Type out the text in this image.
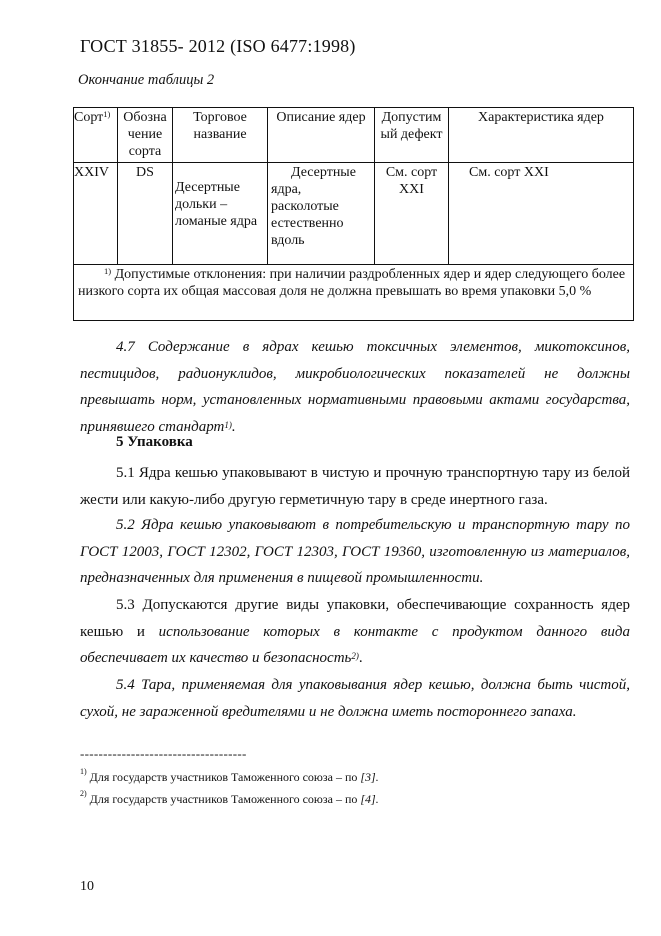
ГОСТ 31855- 2012 (ISO 6477:1998)
Окончание таблицы 2
Сорт$^{1)}$	Обозна чение сорта	Торговое название	Описание ядер	Допустим ый дефект	Характеристика ядер
XXIV	DS	Десертные дольки – ломаные ядра	Десертные ядра, расколотые естественно вдоль	См. сорт XXI	См. сорт XXI
$^{1)}$ Допустимые отклонения: при наличии раздробленных ядер и ядер следующего более низкого сорта их общая массовая доля не должна превышать во время упаковки 5,0 %					
4.7 Содержание в ядрах кешью токсичных элементов, микотоксинов, пестицидов, радионуклидов, микробиологических показателей не должны превышать норм, установленных нормативными правовыми актами государства, принявшего стандарт$^{1)}$.
5 Упаковка
5.1 Ядра кешью упаковывают в чистую и прочную транспортную тару из белой жести или какую-либо другую герметичную тару в среде инертного газа.
5.2 Ядра кешью упаковывают в потребительскую и транспортную тару по ГОСТ 12003, ГОСТ 12302, ГОСТ 12303, ГОСТ 19360, изготовленную из материалов, предназначенных для применения в пищевой промышленности.
5.3 Допускаются другие виды упаковки, обеспечивающие сохранность ядер кешью и использование которых в контакте с продуктом данного вида обеспечивает их качество и безопасность$^{2)}$.
5.4 Тара, применяемая для упаковывания ядер кешью, должна быть чистой, сухой, не зараженной вредителями и не должна иметь постороннего запаха.
------------------------------------
$^{1)}$ Для государств участников Таможенного союза – по [3].
$^{2)}$ Для государств участников Таможенного союза – по [4].
10
